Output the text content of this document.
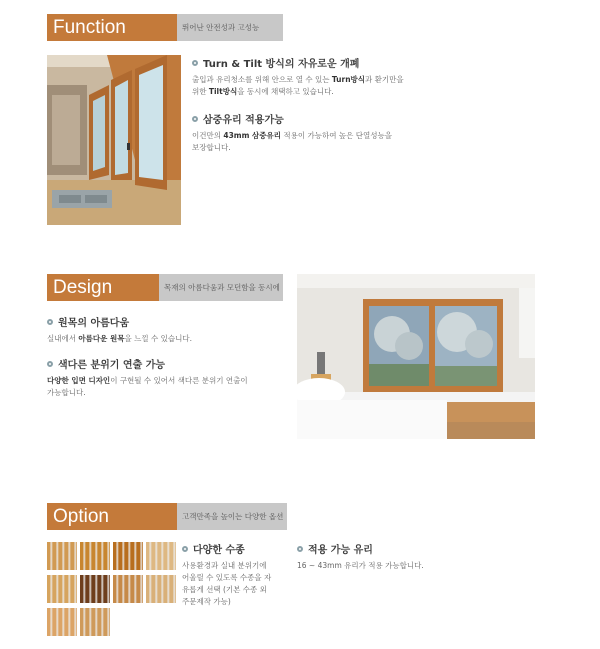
Function	뛰어난 안전성과 고성능
Turn & Tilt 방식의 자유로운 개폐
출입과 유리청소를 위해 안으로 열 수 있는 Turn방식과 환기만을
위한 Tilt방식을 동시에 채택하고 있습니다.
삼중유리 적용가능
이건만의 43mm 삼중유리 적용이 가능하여 높은 단열성능을
보장합니다.
Design	목재의 아름다움과 모던함을 동시에
원목의 아름다움
실내에서 아름다운 원목을 느낄 수 있습니다.
색다른 분위기 연출 가능
다양한 입면 디자인이 구현될 수 있어서 색다른 분위기 연출이
가능합니다.
Option	고객만족을 높이는 다양한 옵션
다양한 수종
사용환경과 실내 분위기에
어울릴 수 있도록 수종을 자
유롭게 선택 (기본 수종 외
주문제작 가능)
적용 가능 유리
16 ~ 43mm 유리가 적용 가능합니다.
